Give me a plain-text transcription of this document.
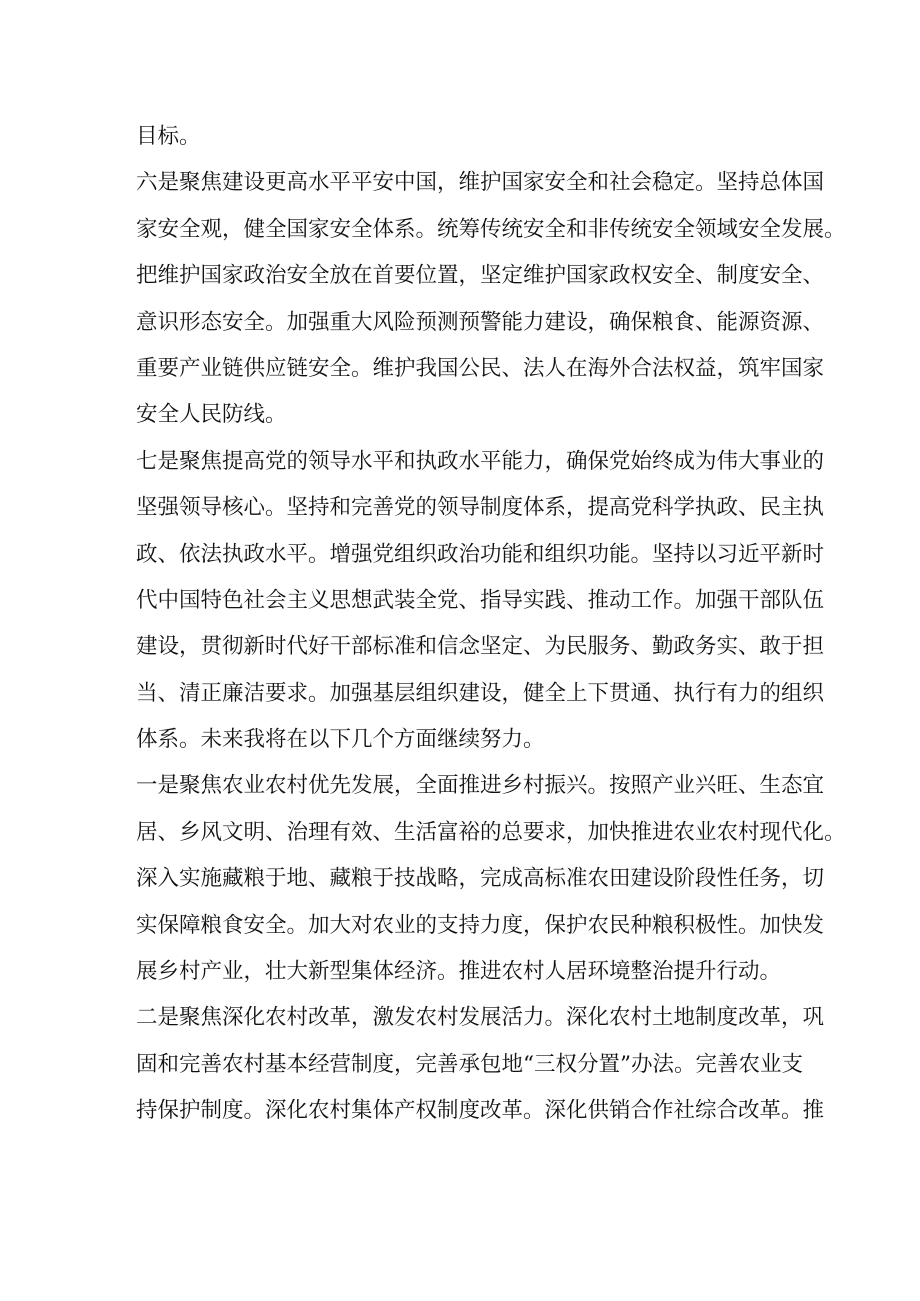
目标。
六是聚焦建设更高水平平安中国，维护国家安全和社会稳定。坚持总体国
家安全观，健全国家安全体系。统筹传统安全和非传统安全领域安全发展。
把维护国家政治安全放在首要位置，坚定维护国家政权安全、制度安全、
意识形态安全。加强重大风险预测预警能力建设，确保粮食、能源资源、
重要产业链供应链安全。维护我国公民、法人在海外合法权益，筑牢国家
安全人民防线。
七是聚焦提高党的领导水平和执政水平能力，确保党始终成为伟大事业的
坚强领导核心。坚持和完善党的领导制度体系，提高党科学执政、民主执
政、依法执政水平。增强党组织政治功能和组织功能。坚持以习近平新时
代中国特色社会主义思想武装全党、指导实践、推动工作。加强干部队伍
建设，贯彻新时代好干部标准和信念坚定、为民服务、勤政务实、敢于担
当、清正廉洁要求。加强基层组织建设，健全上下贯通、执行有力的组织
体系。未来我将在以下几个方面继续努力。
一是聚焦农业农村优先发展，全面推进乡村振兴。按照产业兴旺、生态宜
居、乡风文明、治理有效、生活富裕的总要求，加快推进农业农村现代化。
深入实施藏粮于地、藏粮于技战略，完成高标准农田建设阶段性任务，切
实保障粮食安全。加大对农业的支持力度，保护农民种粮积极性。加快发
展乡村产业，壮大新型集体经济。推进农村人居环境整治提升行动。
二是聚焦深化农村改革，激发农村发展活力。深化农村土地制度改革，巩
固和完善农村基本经营制度，完善承包地“三权分置”办法。完善农业支
持保护制度。深化农村集体产权制度改革。深化供销合作社综合改革。推
